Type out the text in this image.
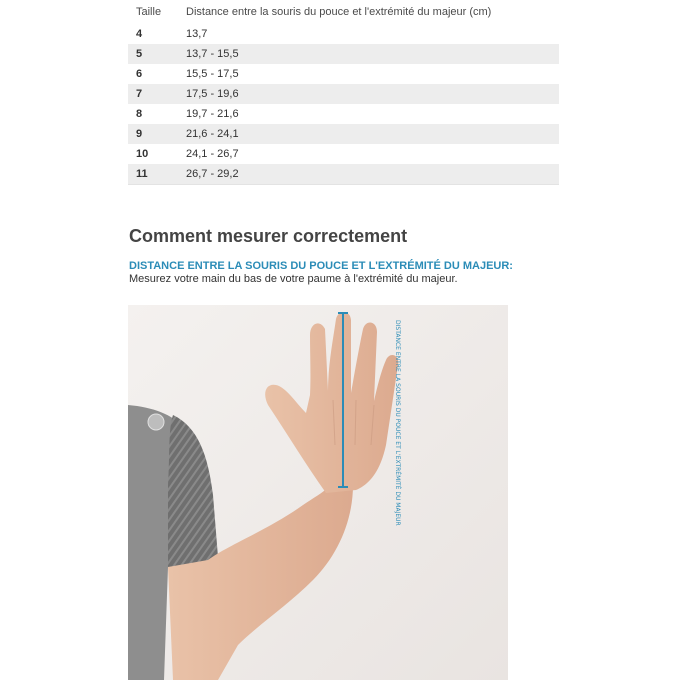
Taille	Distance entre la souris du pouce et l'extrémité du majeur (cm)
4	13,7
5	13,7 - 15,5
6	15,5 - 17,5
7	17,5 - 19,6
8	19,7 - 21,6
9	21,6 - 24,1
10	24,1 - 26,7
11	26,7 - 29,2
Comment mesurer correctement

DISTANCE ENTRE LA SOURIS DU POUCE ET L'EXTRÉMITÉ DU MAJEUR: Mesurez votre main du bas de votre paume à l'extrémité du majeur.

DISTANCE ENTRE LA SOURIS DU POUCE ET L'EXTRÉMITÉ DU MAJEUR
